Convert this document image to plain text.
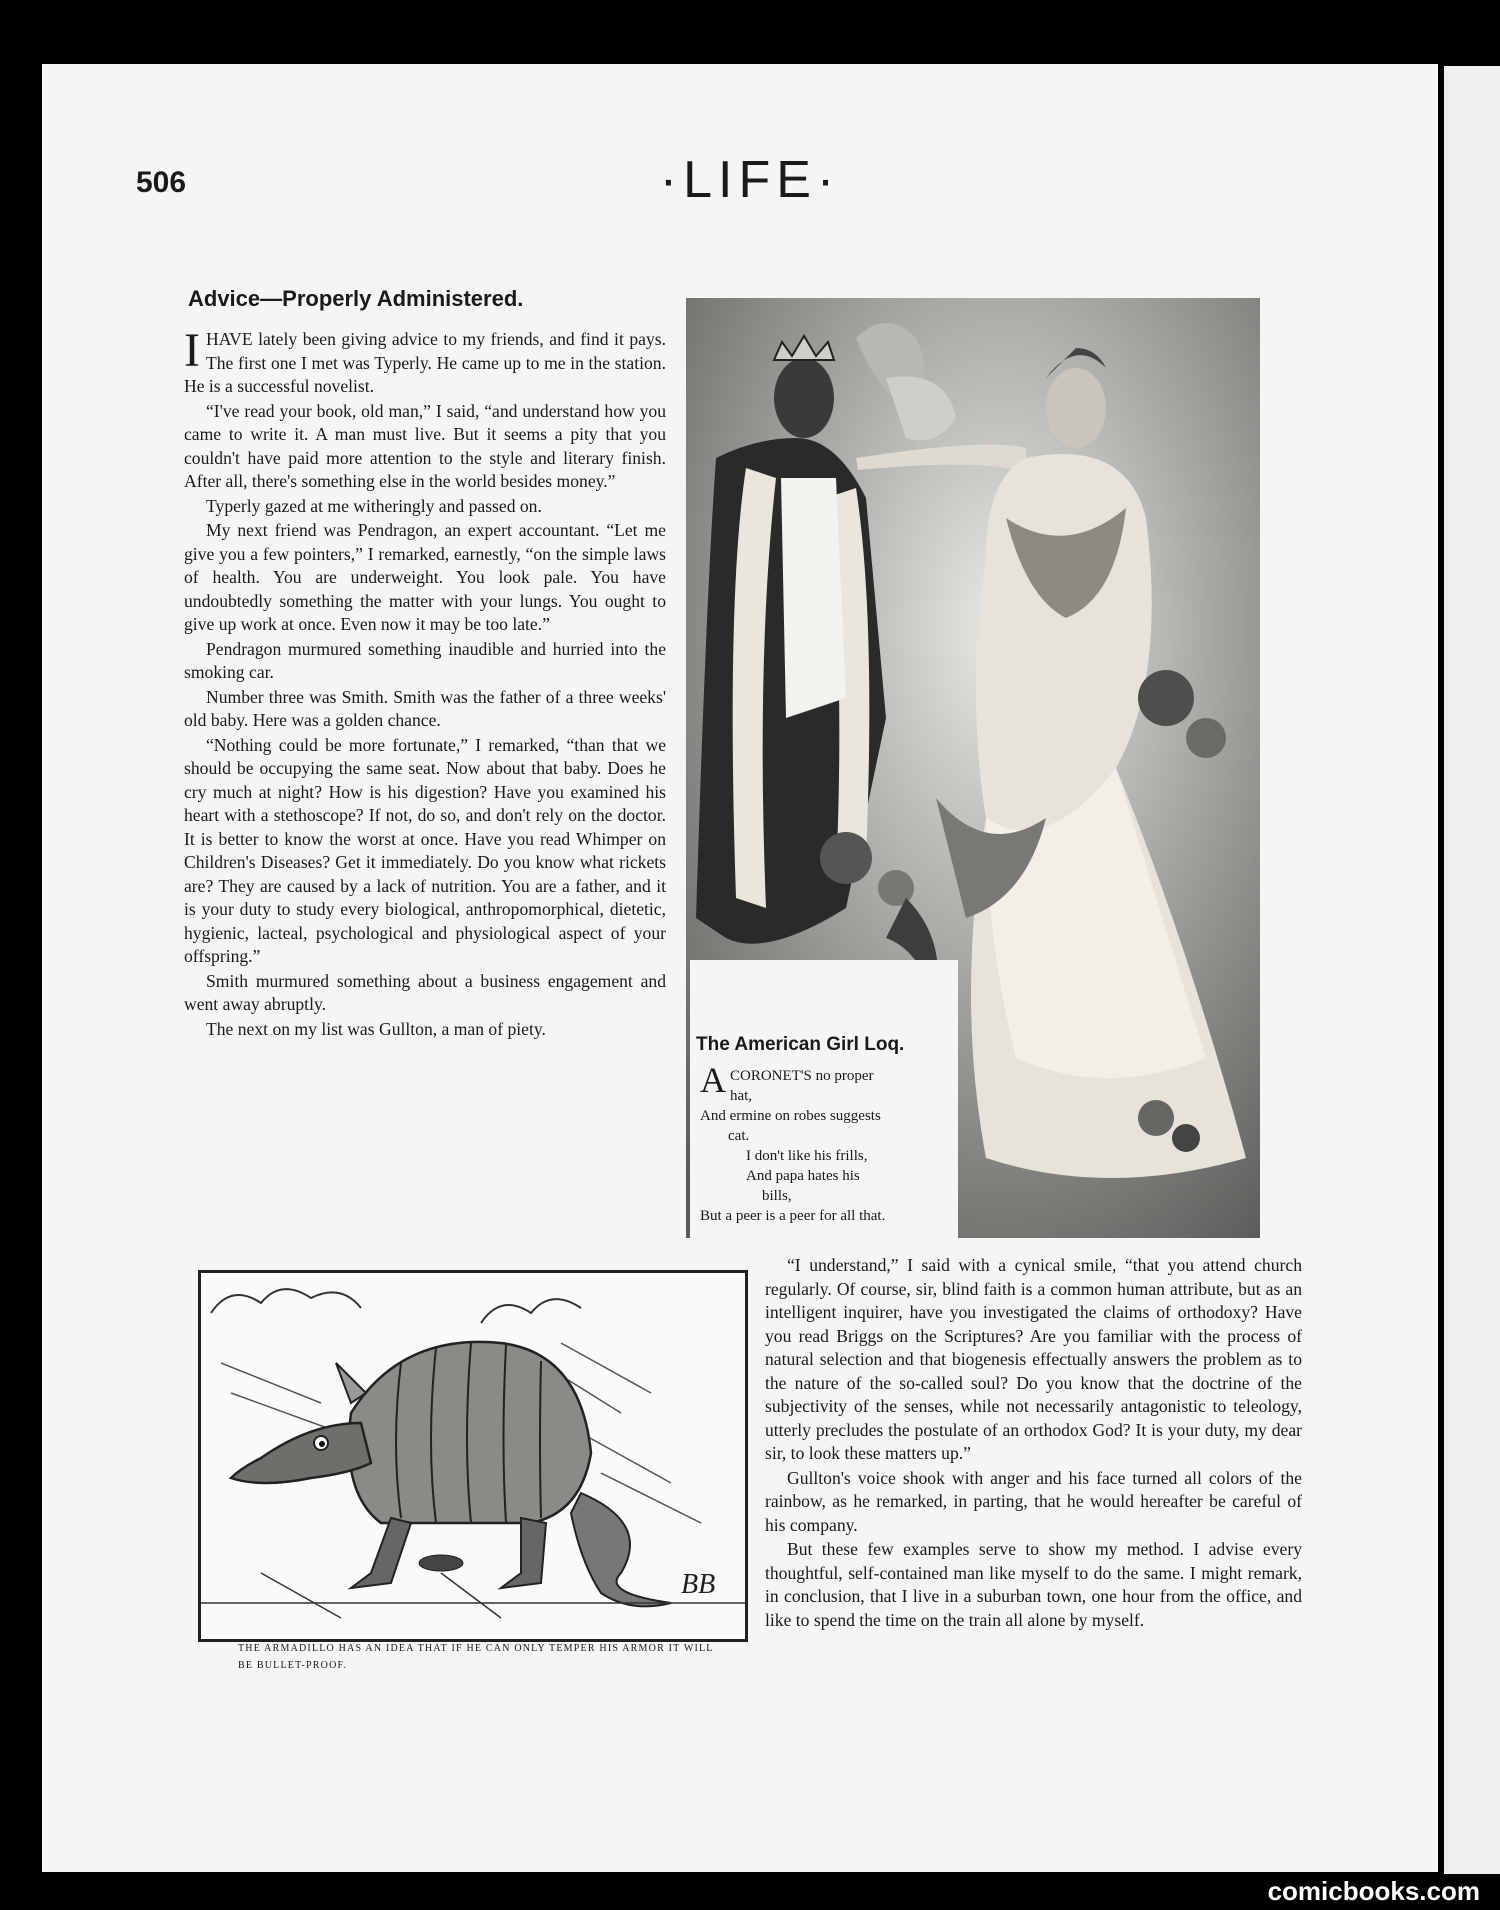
506	·LIFE·
Advice—Properly Administered.

IHAVE lately been giving advice to my friends, and find it pays. The first one I met was Typerly. He came up to me in the station. He is a successful novelist.

“I've read your book, old man,” I said, “and understand how you came to write it. A man must live. But it seems a pity that you couldn't have paid more attention to the style and literary finish. After all, there's something else in the world besides money.”

Typerly gazed at me witheringly and passed on.

My next friend was Pendragon, an expert accountant. “Let me give you a few pointers,” I remarked, earnestly, “on the simple laws of health. You are underweight. You look pale. You have undoubtedly something the matter with your lungs. You ought to give up work at once. Even now it may be too late.”

Pendragon murmured something inaudible and hurried into the smoking car.

Number three was Smith. Smith was the father of a three weeks' old baby. Here was a golden chance.

“Nothing could be more fortunate,” I remarked, “than that we should be occupying the same seat. Now about that baby. Does he cry much at night? How is his digestion? Have you examined his heart with a stethoscope? If not, do so, and don't rely on the doctor. It is better to know the worst at once. Have you read Whimper on Children's Diseases? Get it immediately. Do you know what rickets are? They are caused by a lack of nutrition. You are a father, and it is your duty to study every biological, anthropomorphical, dietetic, hygienic, lacteal, psychological and physiological aspect of your offspring.”

Smith murmured something about a business engagement and went away abruptly.

The next on my list was Gullton, a man of piety.

The American Girl Loq.
ACORONET'S no proper
hat,
And ermine on robes suggests
cat.
I don't like his frills,
And papa hates his
bills,
But a peer is a peer for all that.
BB
THE ARMADILLO HAS AN IDEA THAT IF HE CAN ONLY TEMPER HIS ARMOR IT WILL BE BULLET-PROOF.

“I understand,” I said with a cynical smile, “that you attend church regularly. Of course, sir, blind faith is a common human attribute, but as an intelligent inquirer, have you investigated the claims of orthodoxy? Have you read Briggs on the Scriptures? Are you familiar with the process of natural selection and that biogenesis effectually answers the problem as to the nature of the so-called soul? Do you know that the doctrine of the subjectivity of the senses, while not necessarily antagonistic to teleology, utterly precludes the postulate of an orthodox God? It is your duty, my dear sir, to look these matters up.”

Gullton's voice shook with anger and his face turned all colors of the rainbow, as he remarked, in parting, that he would hereafter be careful of his company.

But these few examples serve to show my method. I advise every thoughtful, self-contained man like myself to do the same. I might remark, in conclusion, that I live in a suburban town, one hour from the office, and like to spend the time on the train all alone by myself.

comicbooks.com
